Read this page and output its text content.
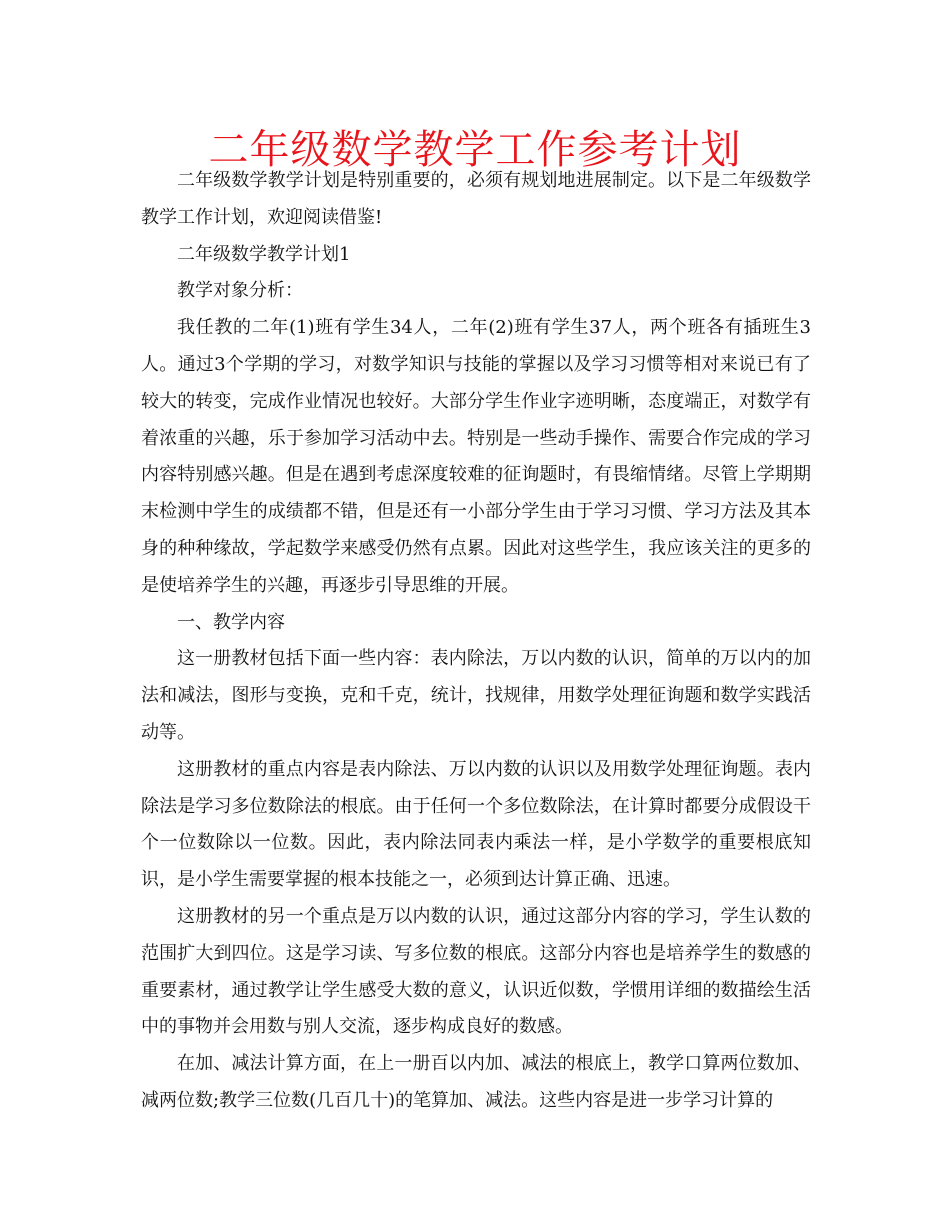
二年级数学教学工作参考计划

二年级数学教学计划是特别重要的，必须有规划地进展制定。以下是二年级数学教学工作计划，欢迎阅读借鉴!

二年级数学教学计划1

教学对象分析：

我任教的二年(1)班有学生34人，二年(2)班有学生37人，两个班各有插班生3人。通过3个学期的学习，对数学知识与技能的掌握以及学习习惯等相对来说已有了较大的转变，完成作业情况也较好。大部分学生作业字迹明晰，态度端正，对数学有着浓重的兴趣，乐于参加学习活动中去。特别是一些动手操作、需要合作完成的学习内容特别感兴趣。但是在遇到考虑深度较难的征询题时，有畏缩情绪。尽管上学期期末检测中学生的成绩都不错，但是还有一小部分学生由于学习习惯、学习方法及其本身的种种缘故，学起数学来感受仍然有点累。因此对这些学生，我应该关注的更多的是使培养学生的兴趣，再逐步引导思维的开展。

一、教学内容

这一册教材包括下面一些内容：表内除法，万以内数的认识，简单的万以内的加法和减法，图形与变换，克和千克，统计，找规律，用数学处理征询题和数学实践活动等。

这册教材的重点内容是表内除法、万以内数的认识以及用数学处理征询题。表内除法是学习多位数除法的根底。由于任何一个多位数除法，在计算时都要分成假设干个一位数除以一位数。因此，表内除法同表内乘法一样，是小学数学的重要根底知识，是小学生需要掌握的根本技能之一，必须到达计算正确、迅速。

这册教材的另一个重点是万以内数的认识，通过这部分内容的学习，学生认数的范围扩大到四位。这是学习读、写多位数的根底。这部分内容也是培养学生的数感的重要素材，通过教学让学生感受大数的意义，认识近似数，学惯用详细的数描绘生活中的事物并会用数与别人交流，逐步构成良好的数感。

在加、减法计算方面，在上一册百以内加、减法的根底上，教学口算两位数加、减两位数;教学三位数(几百几十)的笔算加、减法。这些内容是进一步学习计算的
